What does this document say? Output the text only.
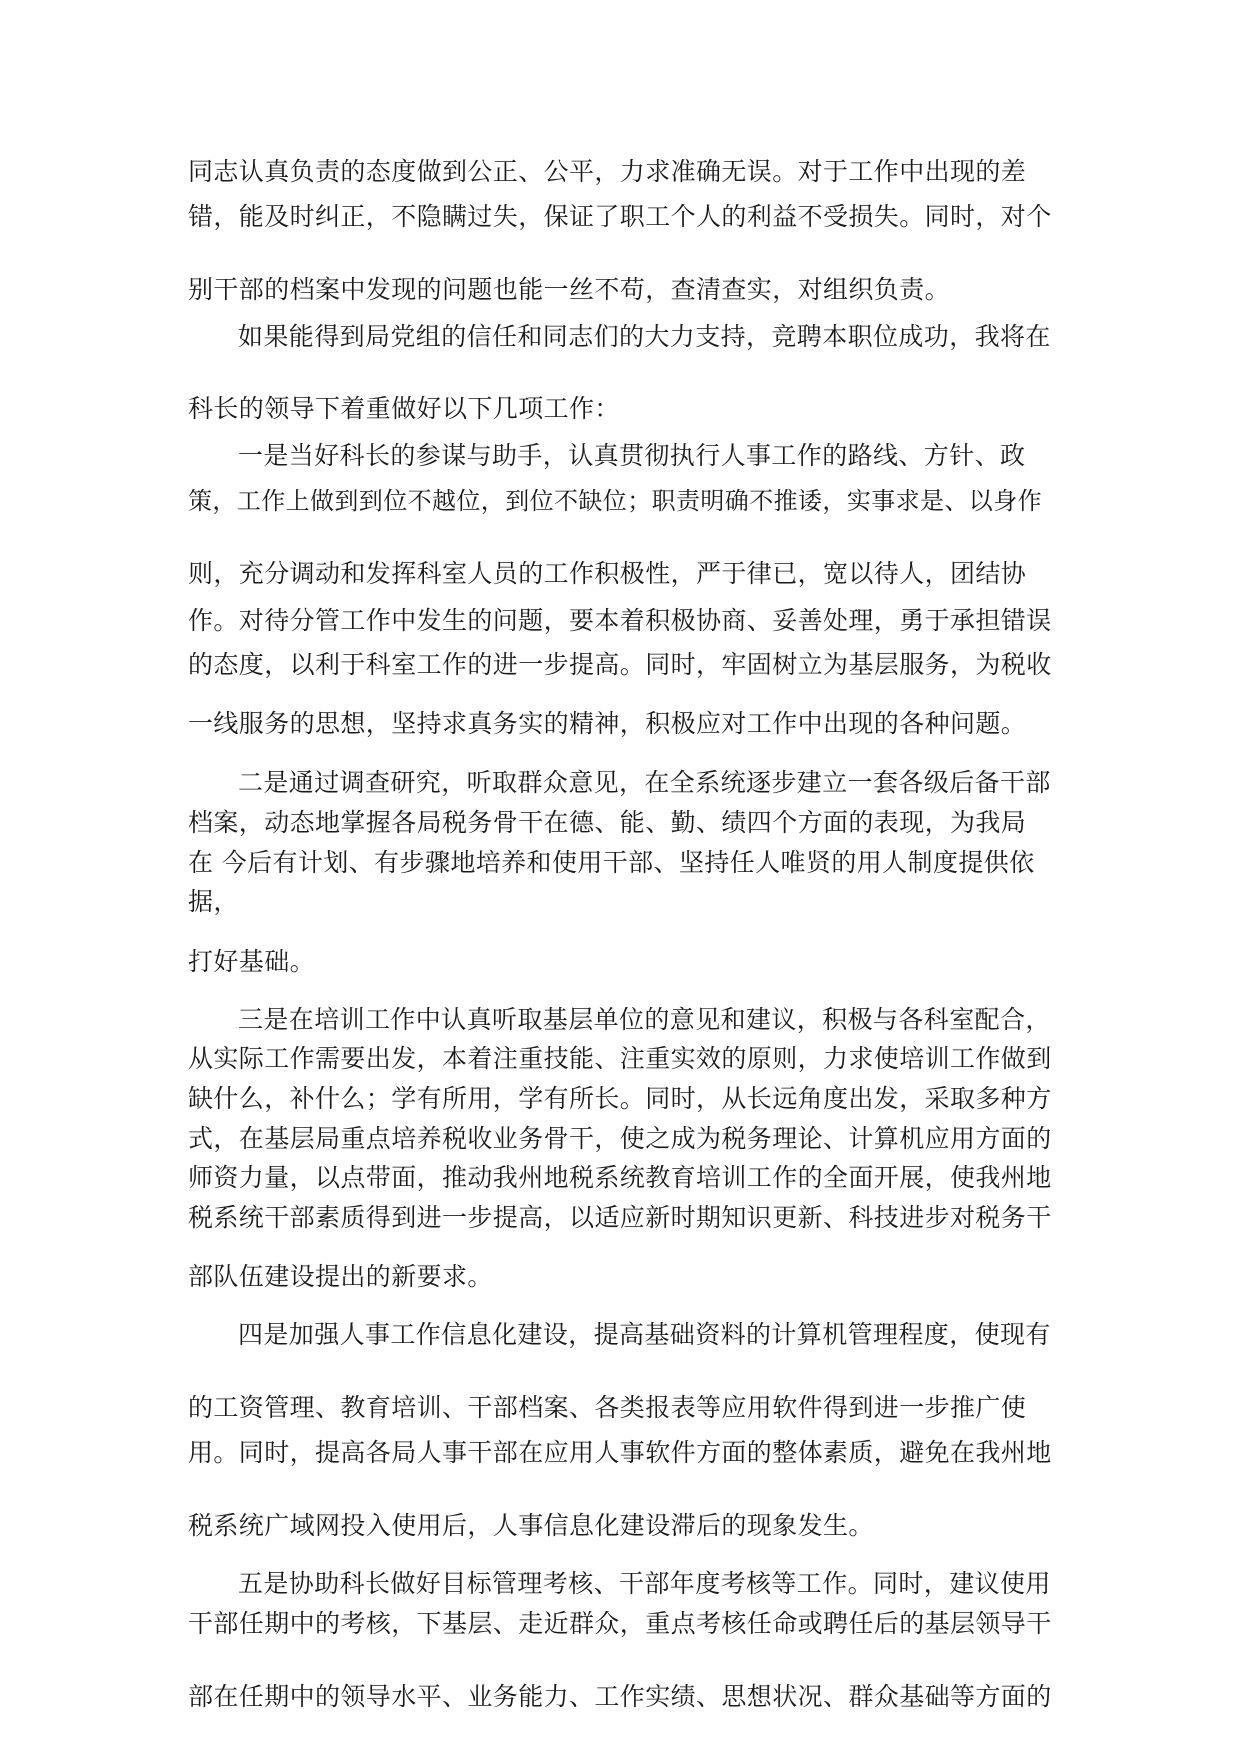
同志认真负责的态度做到公正、公平，力求准确无误。对于工作中出现的差
错，能及时纠正，不隐瞒过失，保证了职工个人的利益不受损失。同时，对个
别干部的档案中发现的问题也能一丝不苟，查清查实，对组织负责。
如果能得到局党组的信任和同志们的大力支持，竞聘本职位成功，我将在
科长的领导下着重做好以下几项工作：
一是当好科长的参谋与助手，认真贯彻执行人事工作的路线、方针、政
策，工作上做到到位不越位，到位不缺位；职责明确不推诿，实事求是、以身作
则，充分调动和发挥科室人员的工作积极性，严于律已，宽以待人，团结协
作。对待分管工作中发生的问题，要本着积极协商、妥善处理，勇于承担错误
的态度，以利于科室工作的进一步提高。同时，牢固树立为基层服务，为税收
一线服务的思想，坚持求真务实的精神，积极应对工作中出现的各种问题。
二是通过调查研究，听取群众意见，在全系统逐步建立一套各级后备干部
档案，动态地掌握各局税务骨干在德、能、勤、绩四个方面的表现，为我局
在 今后有计划、有步骤地培养和使用干部、坚持任人唯贤的用人制度提供依
据，
打好基础。
三是在培训工作中认真听取基层单位的意见和建议，积极与各科室配合，
从实际工作需要出发，本着注重技能、注重实效的原则，力求使培训工作做到
缺什么，补什么；学有所用，学有所长。同时，从长远角度出发，采取多种方
式，在基层局重点培养税收业务骨干，使之成为税务理论、计算机应用方面的
师资力量，以点带面，推动我州地税系统教育培训工作的全面开展，使我州地
税系统干部素质得到进一步提高，以适应新时期知识更新、科技进步对税务干
部队伍建设提出的新要求。
四是加强人事工作信息化建设，提高基础资料的计算机管理程度，使现有
的工资管理、教育培训、干部档案、各类报表等应用软件得到进一步推广使
用。同时，提高各局人事干部在应用人事软件方面的整体素质，避免在我州地
税系统广域网投入使用后，人事信息化建设滞后的现象发生。
五是协助科长做好目标管理考核、干部年度考核等工作。同时，建议使用
干部任期中的考核，下基层、走近群众，重点考核任命或聘任后的基层领导干
部在任期中的领导水平、业务能力、工作实绩、思想状况、群众基础等方面的
